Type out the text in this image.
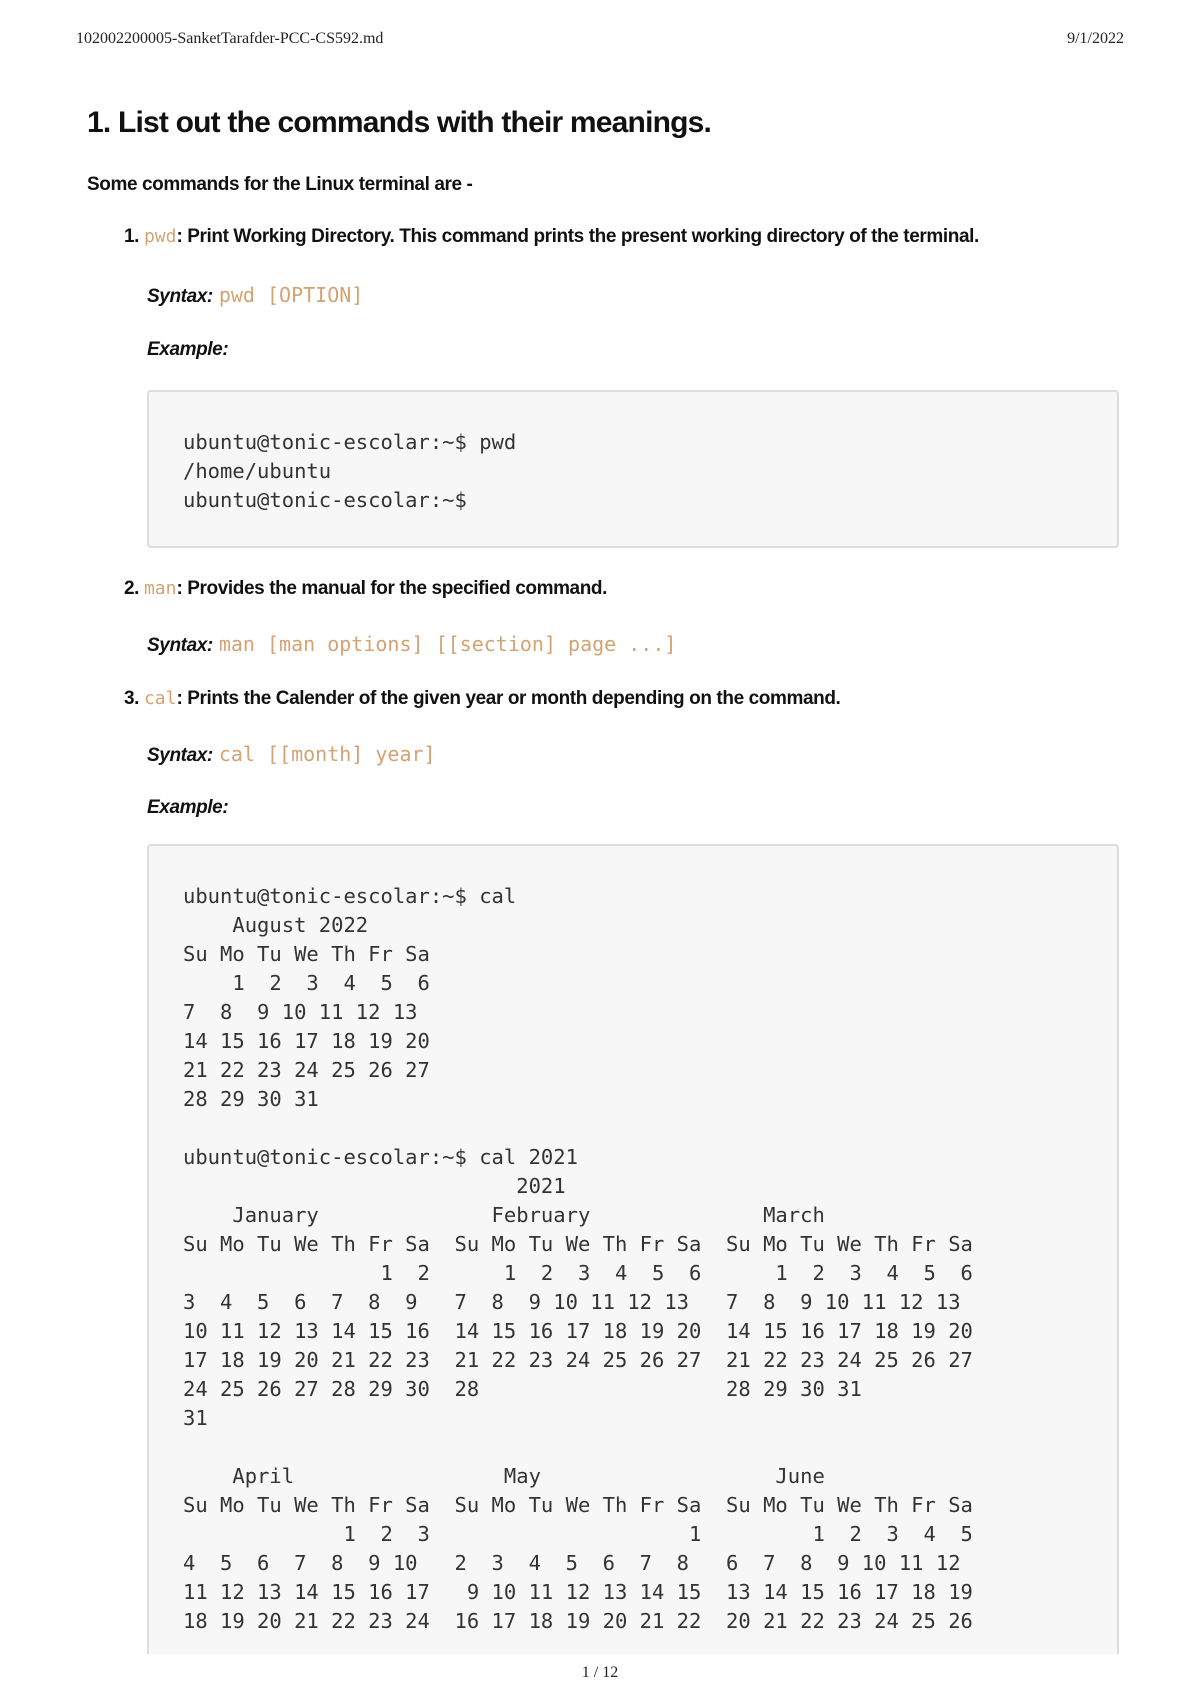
102002200005-SanketTarafder-PCC-CS592.md	9/1/2022
1. List out the commands with their meanings.

Some commands for the Linux terminal are -

1. pwd: Print Working Directory. This command prints the present working directory of the terminal.

Syntax: pwd [OPTION]

Example:

ubuntu@tonic-escolar:~$ pwd
/home/ubuntu
ubuntu@tonic-escolar:~$

2. man: Provides the manual for the specified command.

Syntax: man [man options] [[section] page ...]

3. cal: Prints the Calender of the given year or month depending on the command.

Syntax: cal [[month] year]

Example:

ubuntu@tonic-escolar:~$ cal
August 2022
Su Mo Tu We Th Fr Sa
1  2  3  4  5  6
7  8  9 10 11 12 13
14 15 16 17 18 19 20
21 22 23 24 25 26 27
28 29 30 31

ubuntu@tonic-escolar:~$ cal 2021
2021
January              February              March
Su Mo Tu We Th Fr Sa  Su Mo Tu We Th Fr Sa  Su Mo Tu We Th Fr Sa
1  2      1  2  3  4  5  6      1  2  3  4  5  6
3  4  5  6  7  8  9   7  8  9 10 11 12 13   7  8  9 10 11 12 13
10 11 12 13 14 15 16  14 15 16 17 18 19 20  14 15 16 17 18 19 20
17 18 19 20 21 22 23  21 22 23 24 25 26 27  21 22 23 24 25 26 27
24 25 26 27 28 29 30  28                    28 29 30 31
31

April                 May                   June
Su Mo Tu We Th Fr Sa  Su Mo Tu We Th Fr Sa  Su Mo Tu We Th Fr Sa
1  2  3                     1         1  2  3  4  5
4  5  6  7  8  9 10   2  3  4  5  6  7  8   6  7  8  9 10 11 12
11 12 13 14 15 16 17   9 10 11 12 13 14 15  13 14 15 16 17 18 19
18 19 20 21 22 23 24  16 17 18 19 20 21 22  20 21 22 23 24 25 26
1 / 12
